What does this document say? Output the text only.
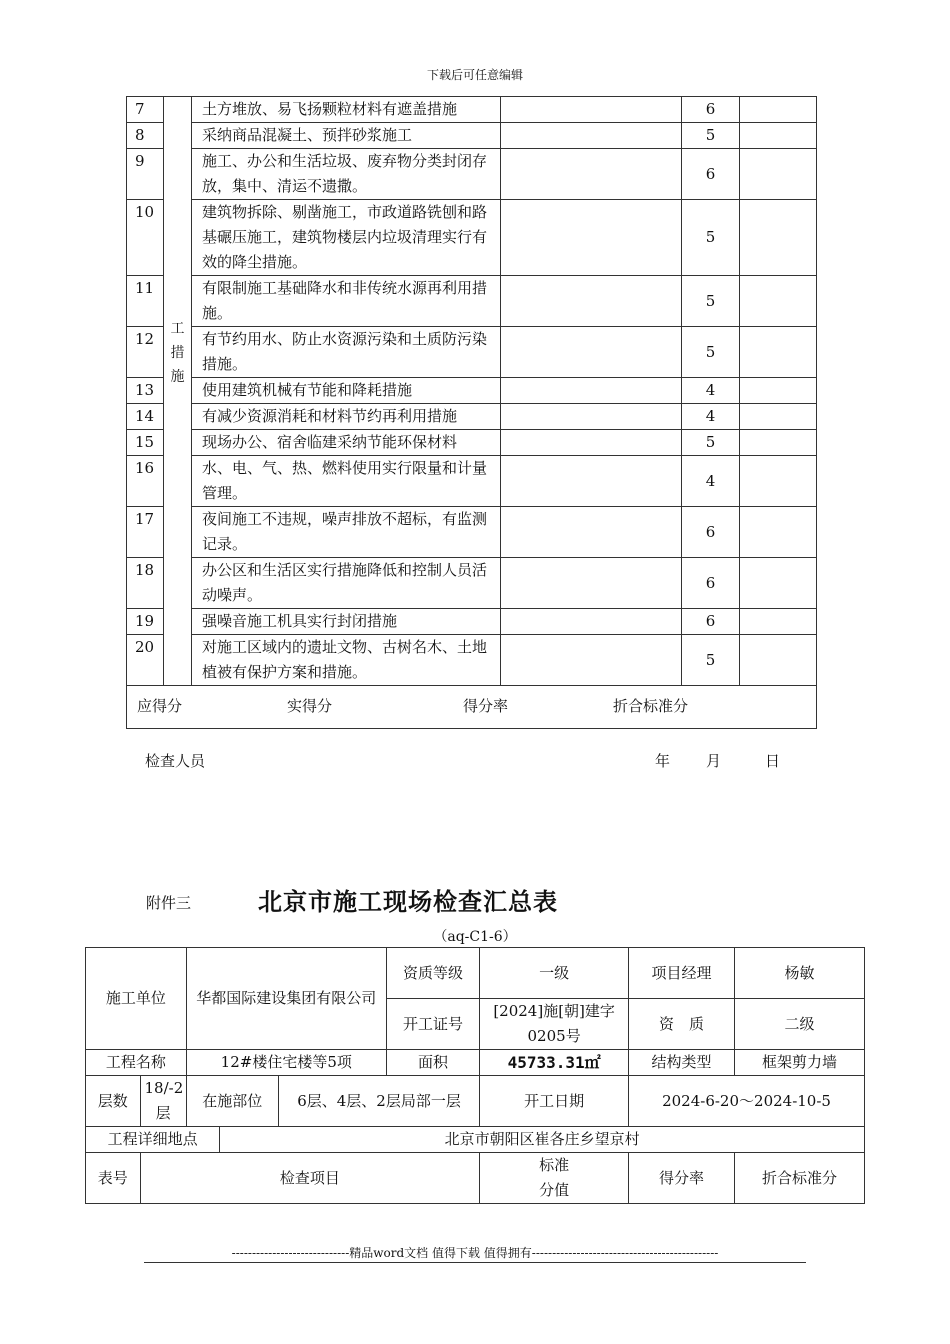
下载后可任意编辑
7	工措施	土方堆放、易飞扬颗粒材料有遮盖措施		6	
8		采纳商品混凝土、预拌砂浆施工		5	
9		施工、办公和生活垃圾、废弃物分类封闭存放，集中、清运不遗撒。		6	
10		建筑物拆除、剔凿施工，市政道路铣刨和路基碾压施工，建筑物楼层内垃圾清理实行有效的降尘措施。		5	
11		有限制施工基础降水和非传统水源再利用措施。		5	
12		有节约用水、防止水资源污染和土质防污染措施。		5	
13		使用建筑机械有节能和降耗措施		4	
14		有减少资源消耗和材料节约再利用措施		4	
15		现场办公、宿舍临建采纳节能环保材料		5	
16		水、电、气、热、燃料使用实行限量和计量管理。		4	
17		夜间施工不违规，噪声排放不超标，有监测记录。		6	
18		办公区和生活区实行措施降低和控制人员活动噪声。		6	
19		强噪音施工机具实行封闭措施		6	
20		对施工区域内的遗址文物、古树名木、土地植被有保护方案和措施。		5	

应得分 实得分 得分率 折合标准分					
检查人员	年 月	日
附件三	北京市施工现场检查汇总表
（aq-C1-6）
施工单位		华都国际建设集团有限公司			资质等级	一级	项目经理	杨敏
					开工证号	[2024]施[朝]建字0205号	资　质	二级
工程名称		12#楼住宅楼等5项			面积	45733.31㎡	结构类型	框架剪力墙
层数	18/-2层	在施部位		6层、4层、2层局部一层		开工日期	2024-6-20～2024-10-5	
工程详细地点			北京市朝阳区崔各庄乡望京村					
表号	检查项目					标准分值	得分率	折合标准分
-----------------------------精品word文档 值得下载 值得拥有----------------------------------------------
